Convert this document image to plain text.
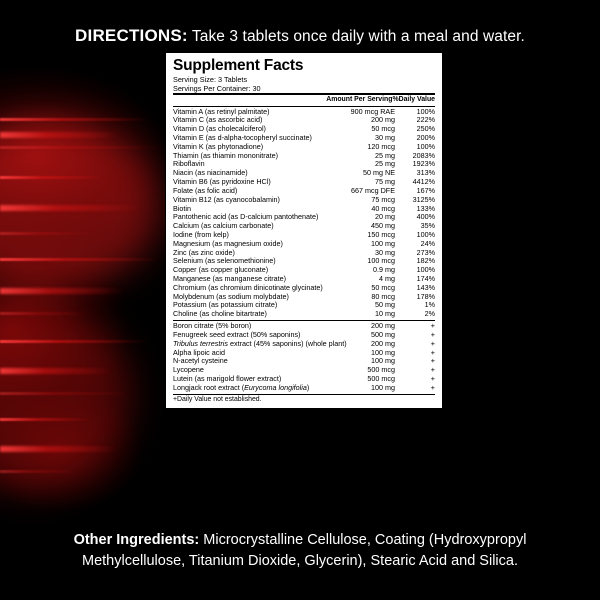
DIRECTIONS: Take 3 tablets once daily with a meal and water.
Supplement Facts
Serving Size: 3 Tablets
Servings Per Container: 30
	Amount Per Serving	%Daily Value
Vitamin A (as retinyl palmitate)	900 mcg RAE	100%
Vitamin C (as ascorbic acid)	200 mg	222%
Vitamin D (as cholecalciferol)	50 mcg	250%
Vitamin E (as d-alpha-tocopheryl succinate)	30 mg	200%
Vitamin K (as phytonadione)	120 mcg	100%
Thiamin (as thiamin mononitrate)	25 mg	2083%
Riboflavin	25 mg	1923%
Niacin (as niacinamide)	50 mg NE	313%
Vitamin B6 (as pyridoxine HCl)	75 mg	4412%
Folate (as folic acid)	667 mcg DFE	167%
Vitamin B12 (as cyanocobalamin)	75 mcg	3125%
Biotin	40 mcg	133%
Pantothenic acid (as D-calcium pantothenate)	20 mg	400%
Calcium (as calcium carbonate)	450 mg	35%
Iodine (from kelp)	150 mcg	100%
Magnesium (as magnesium oxide)	100 mg	24%
Zinc (as zinc oxide)	30 mg	273%
Selenium (as selenomethionine)	100 mcg	182%
Copper (as copper gluconate)	0.9 mg	100%
Manganese (as manganese citrate)	4 mg	174%
Chromium (as chromium dinicotinate glycinate)	50 mcg	143%
Molybdenum (as sodium molybdate)	80 mcg	178%
Potassium (as potassium citrate)	50 mg	1%
Choline (as choline bitartrate)	10 mg	2%
Boron citrate (5% boron)	200 mg	+
Fenugreek seed extract (50% saponins)	500 mg	+
Tribulus terrestris extract (45% saponins) (whole plant)	200 mg	+
Alpha lipoic acid	100 mg	+
N-acetyl cysteine	100 mg	+
Lycopene	500 mcg	+
Lutein (as marigold flower extract)	500 mcg	+
Longjack root extract (Eurycoma longifolia)	100 mg	+
+Daily Value not established.
Other Ingredients: Microcrystalline Cellulose, Coating (Hydroxypropyl
Methylcellulose, Titanium Dioxide, Glycerin), Stearic Acid and Silica.
